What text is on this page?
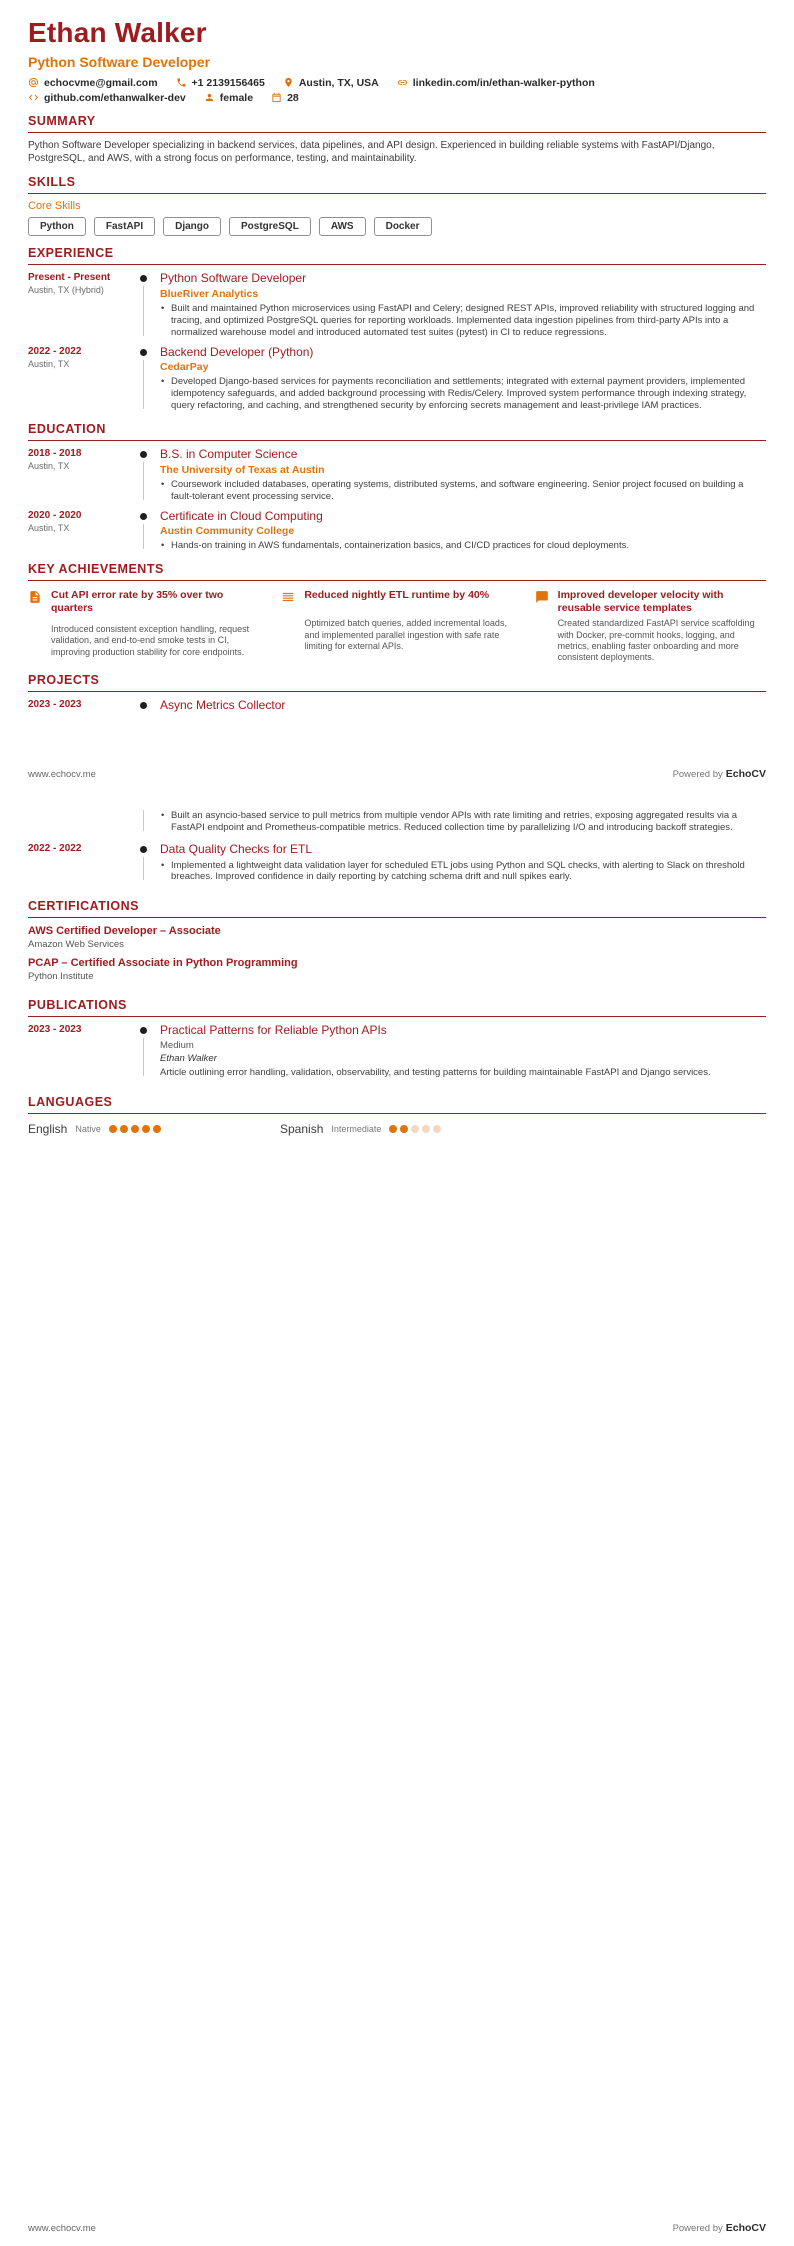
Ethan Walker
Python Software Developer
echocvme@gmail.com	+1 2139156465	Austin, TX, USA	linkedin.com/in/ethan-walker-python
github.com/ethanwalker-dev	female	28
SUMMARY
Python Software Developer specializing in backend services, data pipelines, and API design. Experienced in building reliable systems with FastAPI/Django, PostgreSQL, and AWS, with a strong focus on performance, testing, and maintainability.
SKILLS
Core Skills
Python	FastAPI	Django	PostgreSQL	AWS	Docker
EXPERIENCE
Present - Present
Austin, TX (Hybrid)
Python Software Developer
BlueRiver Analytics
• Built and maintained Python microservices using FastAPI and Celery; designed REST APIs, improved reliability with structured logging and tracing, and optimized PostgreSQL queries for reporting workloads. Implemented data ingestion pipelines from third-party APIs into a normalized warehouse model and introduced automated test suites (pytest) in CI to reduce regressions.
2022 - 2022
Austin, TX
Backend Developer (Python)
CedarPay
• Developed Django-based services for payments reconciliation and settlements; integrated with external payment providers, implemented idempotency safeguards, and added background processing with Redis/Celery. Improved system performance through indexing strategy, query refactoring, and caching, and strengthened security by enforcing secrets management and least-privilege IAM practices.
EDUCATION
2018 - 2018
Austin, TX
B.S. in Computer Science
The University of Texas at Austin
• Coursework included databases, operating systems, distributed systems, and software engineering. Senior project focused on building a fault-tolerant event processing service.
2020 - 2020
Austin, TX
Certificate in Cloud Computing
Austin Community College
• Hands-on training in AWS fundamentals, containerization basics, and CI/CD practices for cloud deployments.
KEY ACHIEVEMENTS
Cut API error rate by 35% over two quarters
Introduced consistent exception handling, request validation, and end-to-end smoke tests in CI, improving production stability for core endpoints.
Reduced nightly ETL runtime by 40%
Optimized batch queries, added incremental loads, and implemented parallel ingestion with safe rate limiting for external APIs.
Improved developer velocity with reusable service templates
Created standardized FastAPI service scaffolding with Docker, pre-commit hooks, logging, and metrics, enabling faster onboarding and more consistent deployments.
PROJECTS
2023 - 2023	Async Metrics Collector
www.echocv.me	Powered by EchoCV
• Built an asyncio-based service to pull metrics from multiple vendor APIs with rate limiting and retries, exposing aggregated results via a FastAPI endpoint and Prometheus-compatible metrics. Reduced collection time by parallelizing I/O and introducing backoff strategies.
2022 - 2022	Data Quality Checks for ETL
• Implemented a lightweight data validation layer for scheduled ETL jobs using Python and SQL checks, with alerting to Slack on threshold breaches. Improved confidence in daily reporting by catching schema drift and null spikes early.
CERTIFICATIONS
AWS Certified Developer – Associate
Amazon Web Services
PCAP – Certified Associate in Python Programming
Python Institute
PUBLICATIONS
2023 - 2023	Practical Patterns for Reliable Python APIs
Medium
Ethan Walker
Article outlining error handling, validation, observability, and testing patterns for building maintainable FastAPI and Django services.
LANGUAGES
English Native	Spanish Intermediate
www.echocv.me	Powered by EchoCV
